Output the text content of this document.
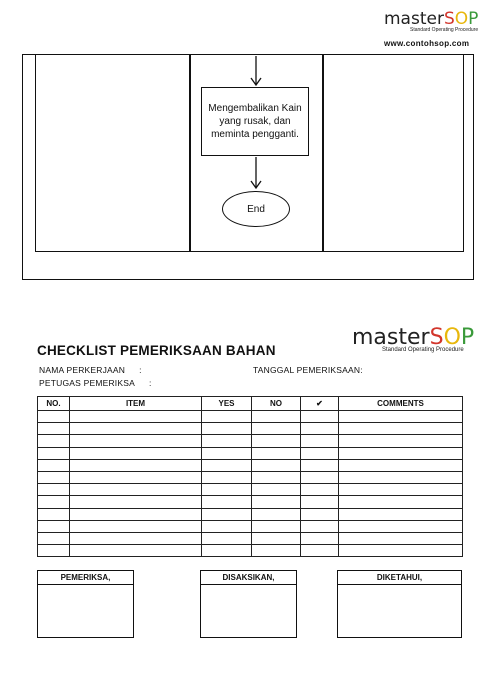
masterSOP
Standard Operating Procedure
www.contohsop.com
Mengembalikan Kain yang rusak, dan meminta pengganti.
End
masterSOP
Standard Operating Procedure
CHECKLIST PEMERIKSAAN BAHAN
NAMA PERKERJAAN :	TANGGAL PEMERIKSAAN:
PETUGAS PEMERIKSA :
NO.	ITEM	YES	NO	✔	COMMENTS

PEMERIKSA,	DISAKSIKAN,	DIKETAHUI,
